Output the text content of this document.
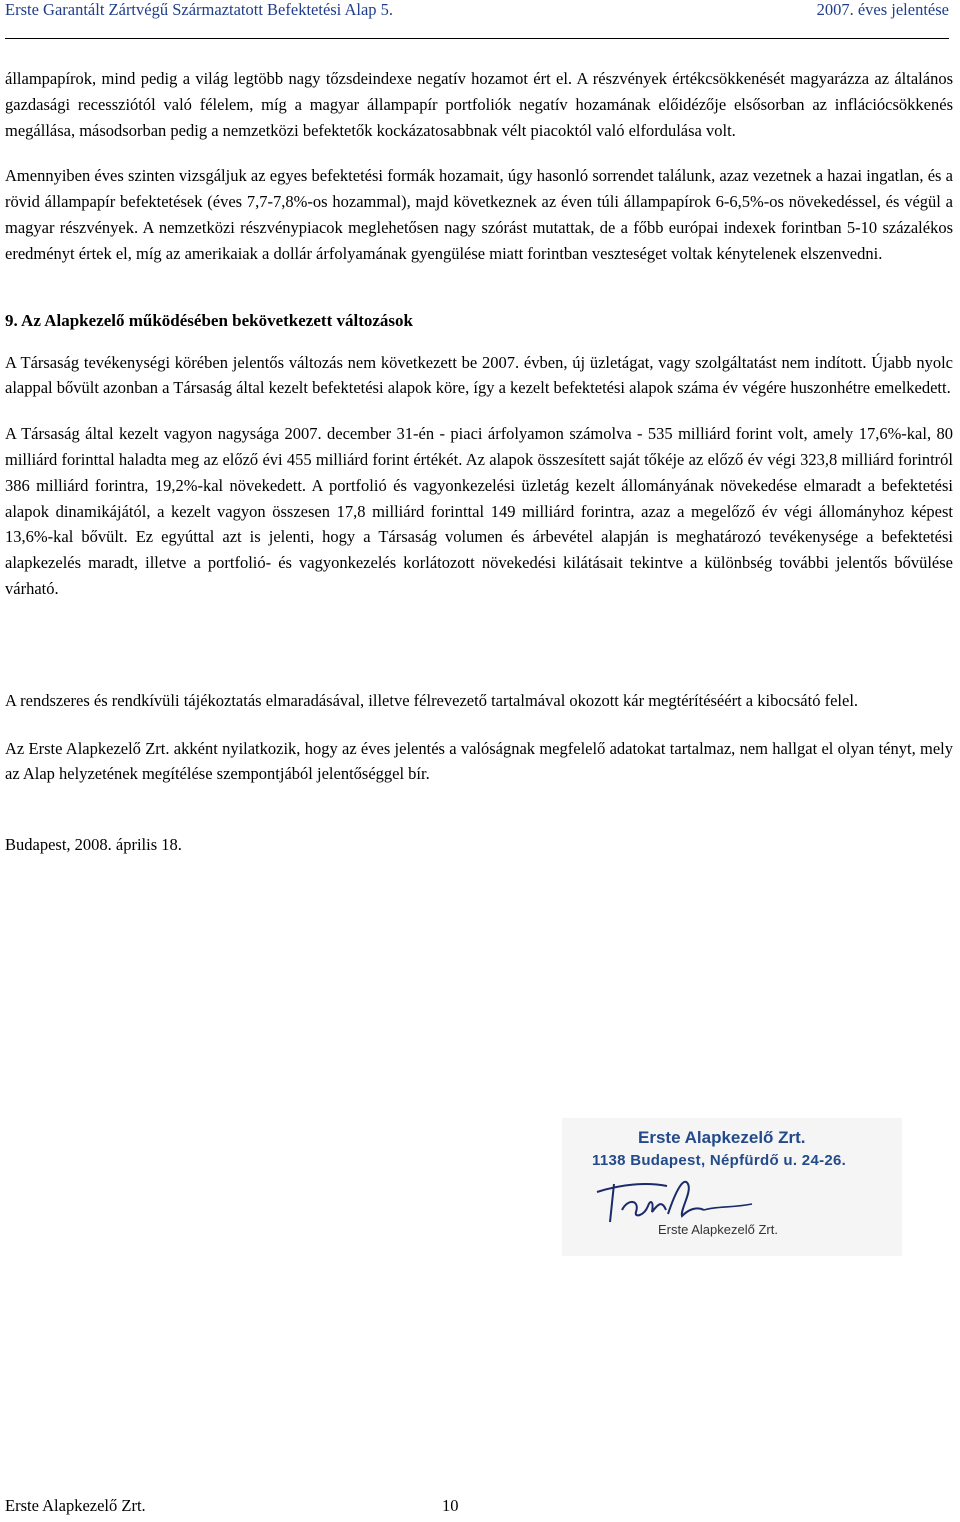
Erste Garantált Zártvégű Származtatott Befektetési Alap 5.	2007. éves jelentése

állampapírok, mind pedig a világ legtöbb nagy tőzsdeindexe negatív hozamot ért el. A részvények értékcsökkenését magyarázza az általános gazdasági recessziótól való félelem, míg a magyar állampapír portfoliók negatív hozamának előidézője elsősorban az inflációcsökkenés megállása, másodsorban pedig a nemzetközi befektetők kockázatosabbnak vélt piacoktól való elfordulása volt.

Amennyiben éves szinten vizsgáljuk az egyes befektetési formák hozamait, úgy hasonló sorrendet találunk, azaz vezetnek a hazai ingatlan, és a rövid állampapír befektetések (éves 7,7-7,8%-os hozammal), majd következnek az éven túli állampapírok 6-6,5%-os növekedéssel, és végül a magyar részvények. A nemzetközi részvénypiacok meglehetősen nagy szórást mutattak, de a főbb európai indexek forintban 5-10 százalékos eredményt értek el, míg az amerikaiak a dollár árfolyamának gyengülése miatt forintban veszteséget voltak kénytelenek elszenvedni.

9. Az Alapkezelő működésében bekövetkezett változások

A Társaság tevékenységi körében jelentős változás nem következett be 2007. évben, új üzletágat, vagy szolgáltatást nem indított. Újabb nyolc alappal bővült azonban a Társaság által kezelt befektetési alapok köre, így a kezelt befektetési alapok száma év végére huszonhétre emelkedett.

A Társaság által kezelt vagyon nagysága 2007. december 31-én - piaci árfolyamon számolva - 535 milliárd forint volt, amely 17,6%-kal, 80 milliárd forinttal haladta meg az előző évi 455 milliárd forint értékét. Az alapok összesített saját tőkéje az előző év végi 323,8 milliárd forintról 386 milliárd forintra, 19,2%-kal növekedett. A portfolió és vagyonkezelési üzletág kezelt állományának növekedése elmaradt a befektetési alapok dinamikájától, a kezelt vagyon összesen 17,8 milliárd forinttal 149 milliárd forintra, azaz a megelőző év végi állományhoz képest 13,6%-kal bővült. Ez egyúttal azt is jelenti, hogy a Társaság volumen és árbevétel alapján is meghatározó tevékenysége a befektetési alapkezelés maradt, illetve a portfolió- és vagyonkezelés korlátozott növekedési kilátásait tekintve a különbség további jelentős bővülése várható.

A rendszeres és rendkívüli tájékoztatás elmaradásával, illetve félrevezető tartalmával okozott kár megtérítéséért a kibocsátó felel.

Az Erste Alapkezelő Zrt. akként nyilatkozik, hogy az éves jelentés a valóságnak megfelelő adatokat tartalmaz, nem hallgat el olyan tényt, mely az Alap helyzetének megítélése szempontjából jelentőséggel bír.

Budapest, 2008. április 18.

Erste Alapkezelő Zrt.
1138 Budapest, Népfürdő u. 24-26.
Erste Alapkezelő Zrt.
Erste Alapkezelő Zrt.	10
